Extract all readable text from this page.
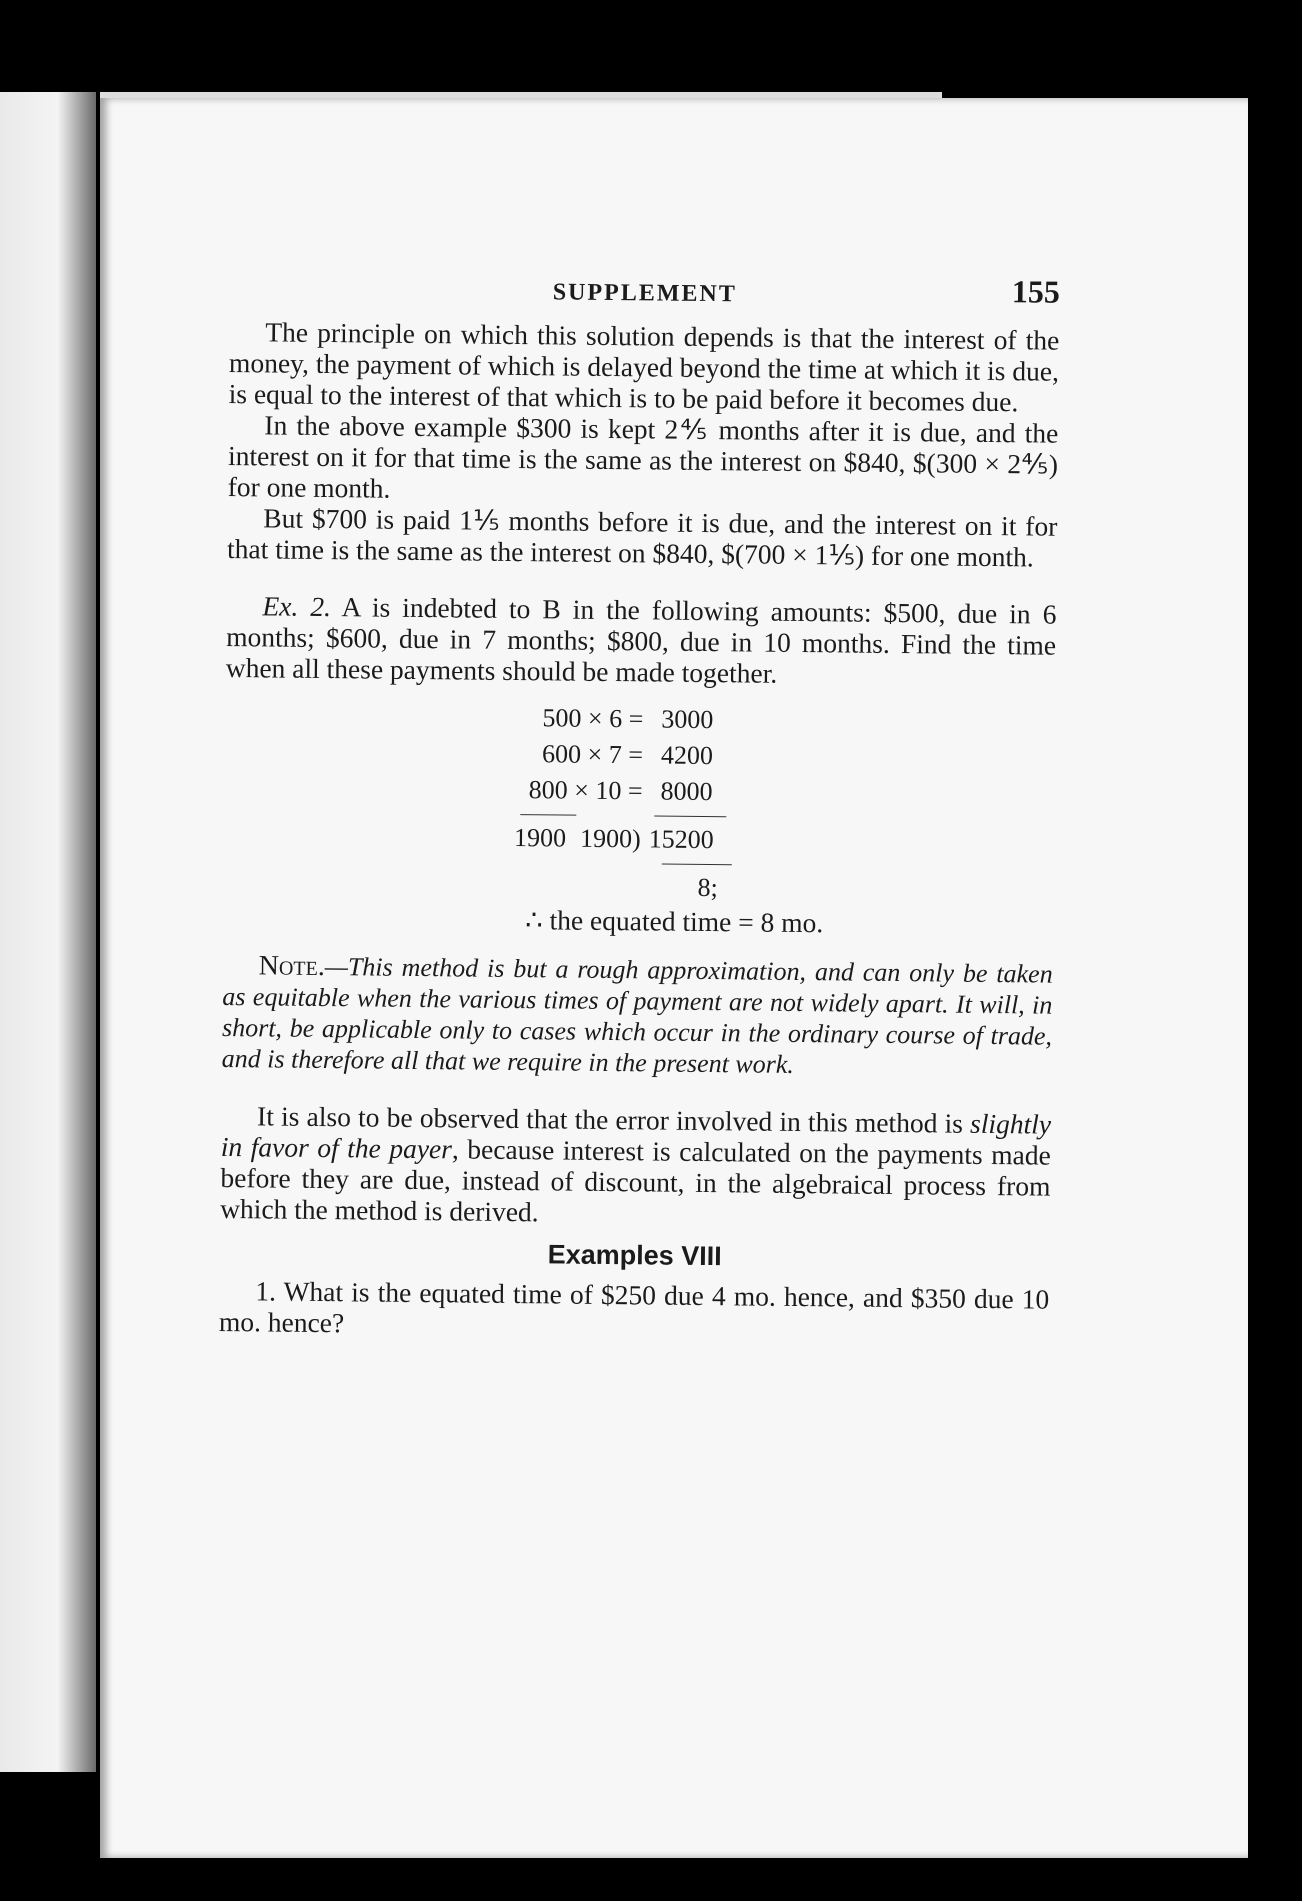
SUPPLEMENT	155

The principle on which this solution depends is that the interest of the money, the payment of which is delayed beyond the time at which it is due, is equal to the interest of that which is to be paid before it becomes due.

In the above example $300 is kept 2⅘ months after it is due, and the interest on it for that time is the same as the interest on $840, $(300 × 2⅘) for one month.

But $700 is paid 1⅕ months before it is due, and the interest on it for that time is the same as the interest on $840, $(700 × 1⅕) for one month.

Ex. 2. A is indebted to B in the following amounts: $500, due in 6 months; $600, due in 7 months; $800, due in 10 months. Find the time when all these payments should be made together.

500 × 6 = 3000
600 × 7 = 4200
800 × 10 = 8000
1900 1900) 15200
8;
∴ the equated time = 8 mo.

Note.—This method is but a rough approximation, and can only be taken as equitable when the various times of payment are not widely apart. It will, in short, be applicable only to cases which occur in the ordinary course of trade, and is therefore all that we require in the present work.

It is also to be observed that the error involved in this method is slightly in favor of the payer, because interest is calculated on the payments made before they are due, instead of discount, in the algebraical process from which the method is derived.

Examples VIII

1. What is the equated time of $250 due 4 mo. hence, and $350 due 10 mo. hence?
